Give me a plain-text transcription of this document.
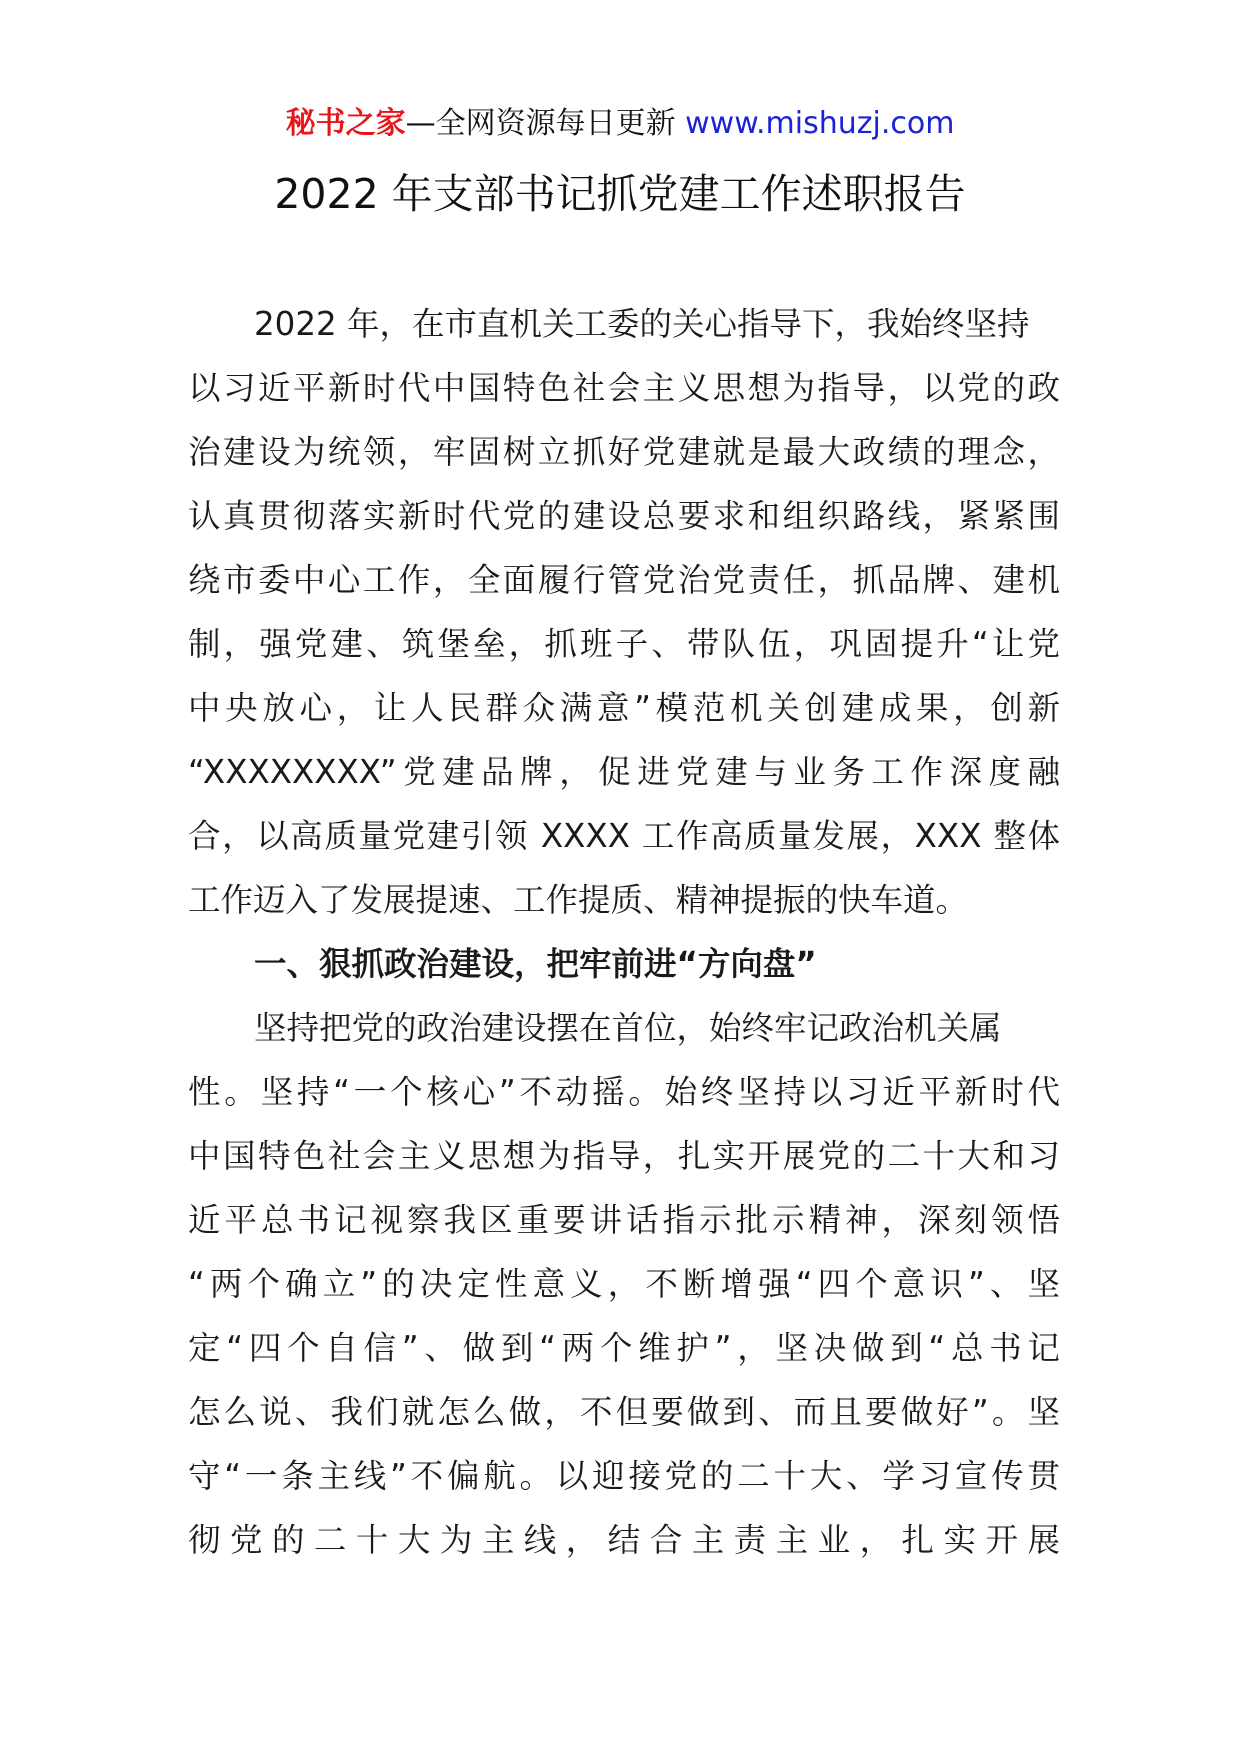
秘书之家—全网资源每日更新 www.mishuzj.com
2022 年支部书记抓党建工作述职报告
2022 年，在市直机关工委的关心指导下，我始终坚持
以习近平新时代中国特色社会主义思想为指导，以党的政
治建设为统领，牢固树立抓好党建就是最大政绩的理念，
认真贯彻落实新时代党的建设总要求和组织路线，紧紧围
绕市委中心工作，全面履行管党治党责任，抓品牌、建机
制，强党建、筑堡垒，抓班子、带队伍，巩固提升“让党
中央放心，让人民群众满意”模范机关创建成果，创新
“XXXXXXXX”党建品牌，促进党建与业务工作深度融
合，以高质量党建引领 XXXX 工作高质量发展，XXX 整体
工作迈入了发展提速、工作提质、精神提振的快车道。
一、狠抓政治建设，把牢前进“方向盘”
坚持把党的政治建设摆在首位，始终牢记政治机关属
性。坚持“一个核心”不动摇。始终坚持以习近平新时代
中国特色社会主义思想为指导，扎实开展党的二十大和习
近平总书记视察我区重要讲话指示批示精神，深刻领悟
“两个确立”的决定性意义，不断增强“四个意识”、坚
定“四个自信”、做到“两个维护”，坚决做到“总书记
怎么说、我们就怎么做，不但要做到、而且要做好”。坚
守“一条主线”不偏航。以迎接党的二十大、学习宣传贯
彻党的二十大为主线，结合主责主业，扎实开展
